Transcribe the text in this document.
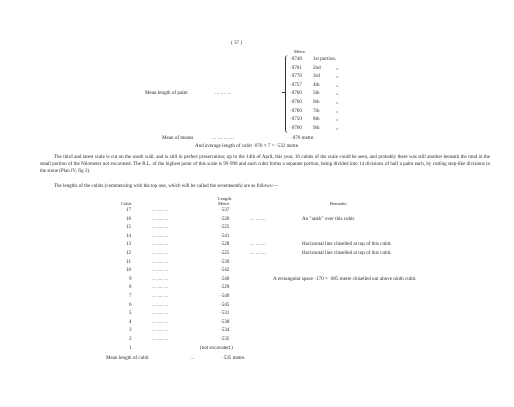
( 37 )
Metre.
Mean length of palm	... ... ...
·0748 1st portion.
·0761 2nd	,,
·0770 3rd	,,
·0757 4th	,,
·0760 5th	,,
·0760 6th	,,
·0760 7th	,,
·0750 8th	,,
·0760 9th	,,
Mean of means	... ... ... ...	·076 metre.
And average length of cubit ·076 × 7 = ·532 metre.
The third and latest scale is cut on the south wall, and is still in perfect preservation; up to the 14th of April, this year, 16 cubits of the scale could be seen, and probably there was still another beneath the mud in the small portion of the Nilometer not excavated. The R.L. of the highest point of this scale is 99·990 and each cubit forms a separate portion, being divided into 14 divisions of half a palm each, by cutting step-like divisions in the stone (Plan IV, fig 3).
The lengths of the cubits (commencing with the top one, which will be called the seventeenth) are as follows:—
Cubit.
Length.
Metre.	Remarks.
17	... ... ...	·537
16	... ... ...	·526	... ... ...	An "ankh" over this cubit.
15	... ... ...	·525
14	... ... ...	·541
13	... ... ...	·528	... ... ...	Horizontal line chiselled at top of this cubit.
12	... ... ...	·525	... ... ...	Horizontal line chiselled at top of this cubit.
11	... ... ...	·539
10	... ... ...	·542
9	... ... ...	·540	A rectangular space ·170 × ·085 metre chiselled out above ninth cubit.
8	... ... ...	·529
7	... ... ...	·540
6	... ... ...	·545
5	... ... ...	·531
4	... ... ...	·538
3	... ... ...	·534
2	... ... ...	·535
1	(not excavated.)
Mean length of cubit	...	·535 metre.
